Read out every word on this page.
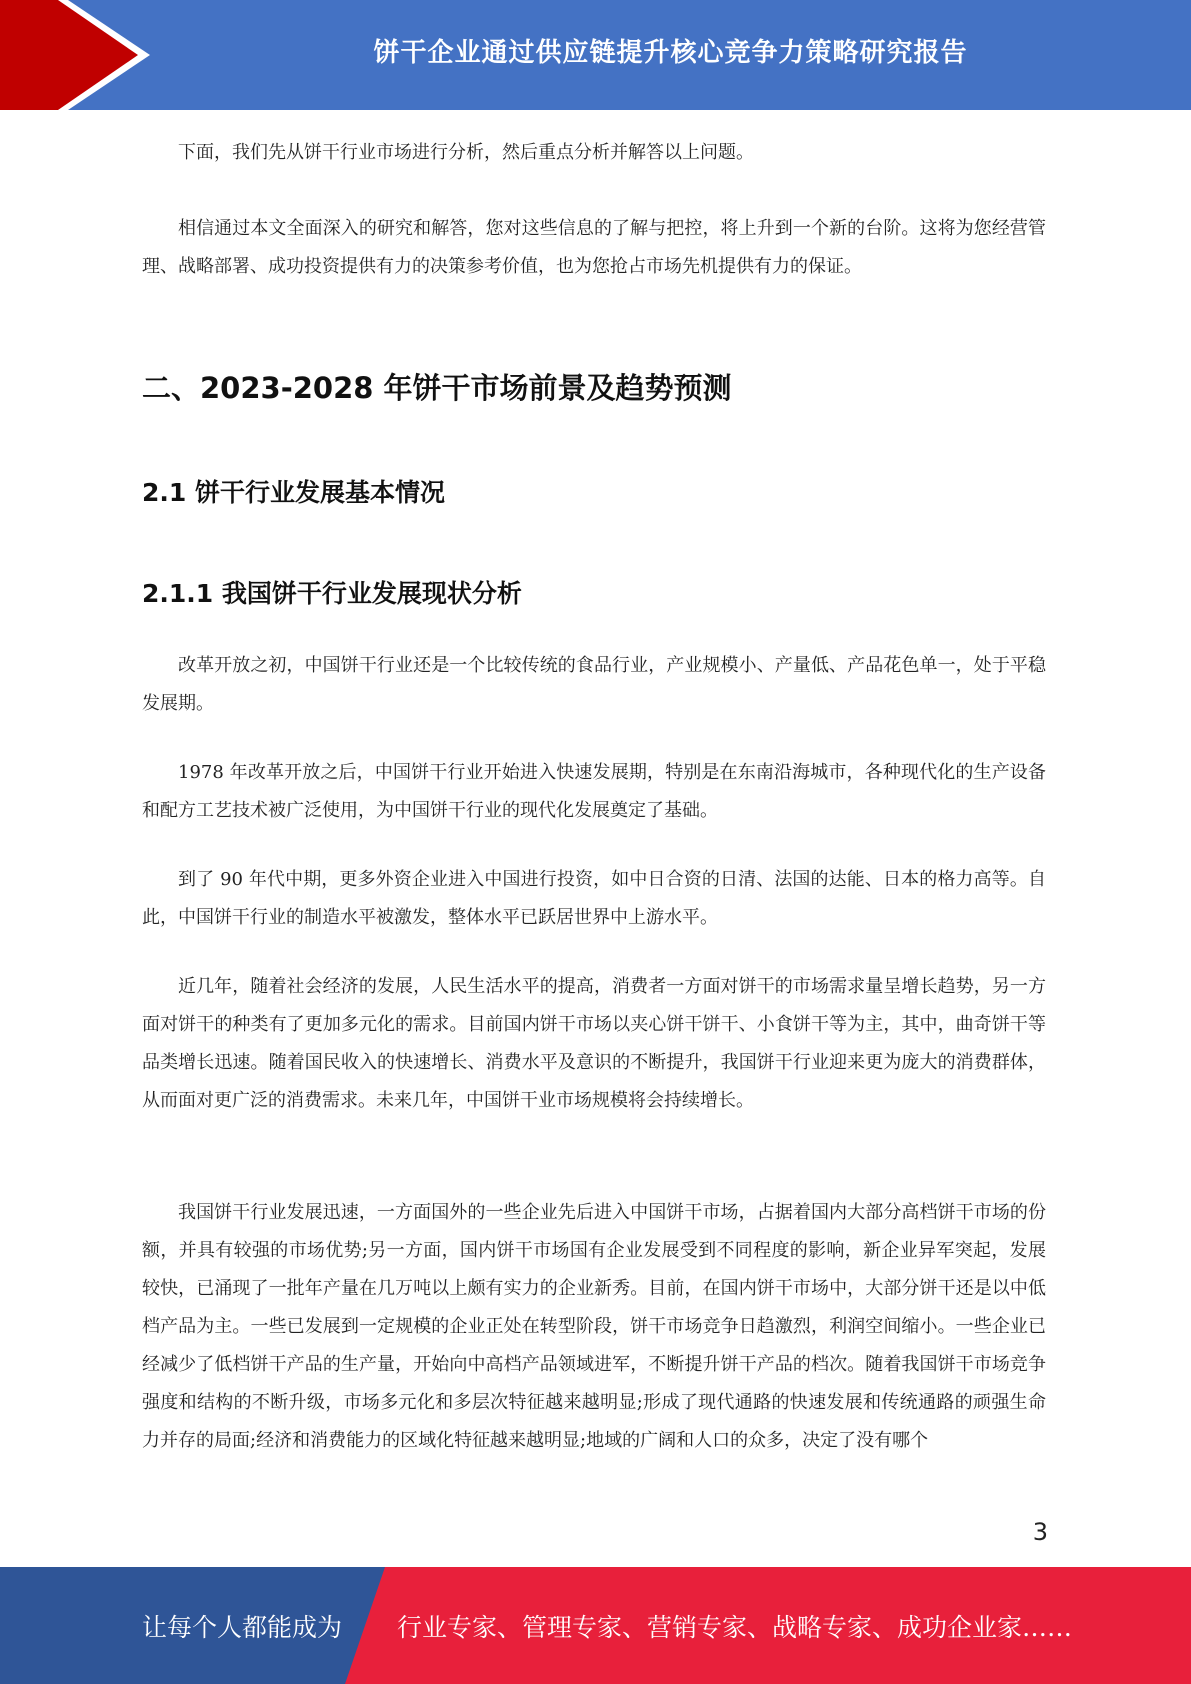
饼干企业通过供应链提升核心竞争力策略研究报告

下面，我们先从饼干行业市场进行分析，然后重点分析并解答以上问题。

相信通过本文全面深入的研究和解答，您对这些信息的了解与把控，将上升到一个新的台阶。这将为您经营管理、战略部署、成功投资提供有力的决策参考价值，也为您抢占市场先机提供有力的保证。

二、2023-2028 年饼干市场前景及趋势预测
2.1 饼干行业发展基本情况
2.1.1 我国饼干行业发展现状分析

改革开放之初，中国饼干行业还是一个比较传统的食品行业，产业规模小、产量低、产品花色单一，处于平稳发展期。

1978 年改革开放之后，中国饼干行业开始进入快速发展期，特别是在东南沿海城市，各种现代化的生产设备和配方工艺技术被广泛使用，为中国饼干行业的现代化发展奠定了基础。

到了 90 年代中期，更多外资企业进入中国进行投资，如中日合资的日清、法国的达能、日本的格力高等。自此，中国饼干行业的制造水平被激发，整体水平已跃居世界中上游水平。

近几年，随着社会经济的发展，人民生活水平的提高，消费者一方面对饼干的市场需求量呈增长趋势，另一方面对饼干的种类有了更加多元化的需求。目前国内饼干市场以夹心饼干饼干、小食饼干等为主，其中，曲奇饼干等品类增长迅速。随着国民收入的快速增长、消费水平及意识的不断提升，我国饼干行业迎来更为庞大的消费群体，从而面对更广泛的消费需求。未来几年，中国饼干业市场规模将会持续增长。

我国饼干行业发展迅速，一方面国外的一些企业先后进入中国饼干市场，占据着国内大部分高档饼干市场的份额，并具有较强的市场优势;另一方面，国内饼干市场国有企业发展受到不同程度的影响，新企业异军突起，发展较快，已涌现了一批年产量在几万吨以上颇有实力的企业新秀。目前，在国内饼干市场中，大部分饼干还是以中低档产品为主。一些已发展到一定规模的企业正处在转型阶段，饼干市场竞争日趋激烈，利润空间缩小。一些企业已经减少了低档饼干产品的生产量，开始向中高档产品领域进军，不断提升饼干产品的档次。随着我国饼干市场竞争强度和结构的不断升级，市场多元化和多层次特征越来越明显;形成了现代通路的快速发展和传统通路的顽强生命力并存的局面;经济和消费能力的区域化特征越来越明显;地域的广阔和人口的众多，决定了没有哪个

3
让每个人都能成为 行业专家、管理专家、营销专家、战略专家、成功企业家……
